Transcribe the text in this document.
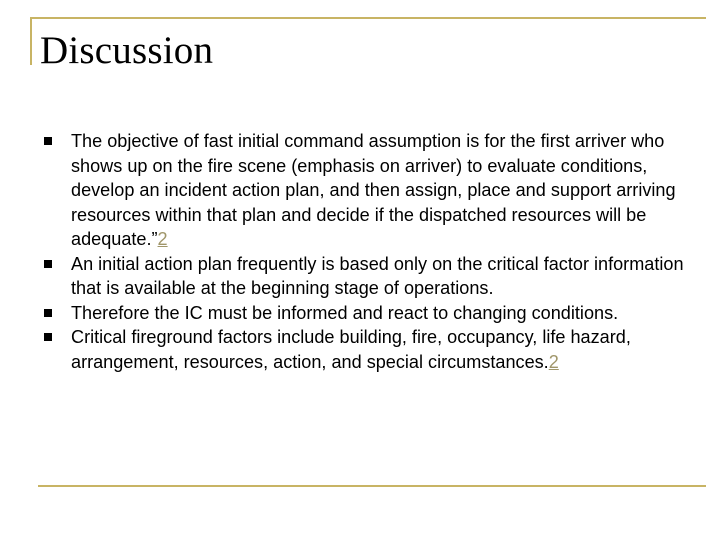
Discussion
The objective of fast initial command assumption is for the first arriver who shows up on the fire scene (emphasis on arriver) to evaluate conditions, develop an incident action plan, and then assign, place and support arriving resources within that plan and decide if the dispatched resources will be adequate.”2
An initial action plan frequently is based only on the critical factor information that is available at the beginning stage of operations.
Therefore the IC must be informed and react to changing conditions.
Critical fireground factors include building, fire, occupancy, life hazard, arrangement, resources, action, and special circumstances.2
